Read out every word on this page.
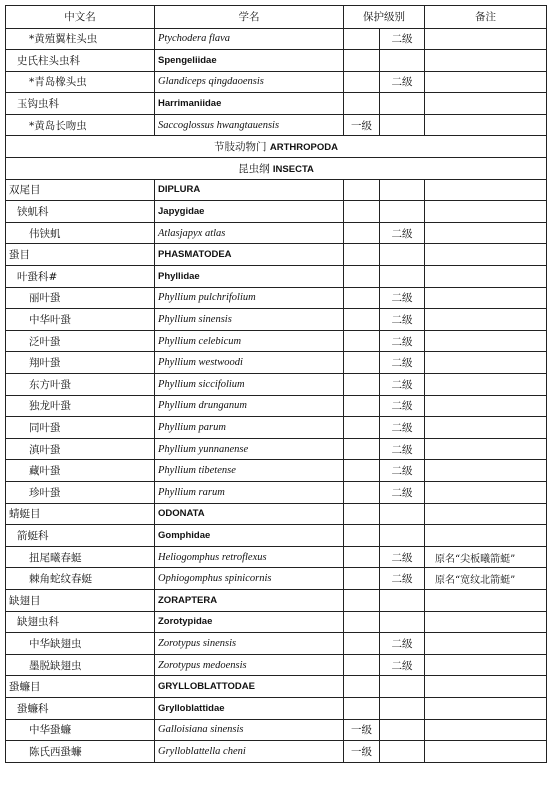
中文名	学名	保护级别		备注
*黄殖翼柱头虫	Ptychodera flava		二级	
史氏柱头虫科	Spengeliidae			
*青岛橡头虫	Glandiceps qingdaoensis		二级	
玉钩虫科	Harrimaniidae			
*黄岛长吻虫	Saccoglossus hwangtauensis	一级		
节肢动物门 ARTHROPODA				
昆虫纲 INSECTA				
双尾目	DIPLURA			
铗虮科	Japygidae			
伟铗虮	Atlasjapyx atlas		二级	
蛩目	PHASMATODEA			
叶蛩科#	Phyllidae			
丽叶蛩	Phyllium pulchrifolium		二级	
中华叶蛩	Phyllium sinensis		二级	
泛叶蛩	Phyllium celebicum		二级	
翔叶蛩	Phyllium westwoodi		二级	
东方叶蛩	Phyllium siccifolium		二级	
独龙叶蛩	Phyllium drunganum		二级	
同叶蛩	Phyllium parum		二级	
滇叶蛩	Phyllium yunnanense		二级	
藏叶蛩	Phyllium tibetense		二级	
珍叶蛩	Phyllium rarum		二级	
蜻蜓目	ODONATA			
箭蜓科	Gomphidae			
扭尾曦春蜓	Heliogomphus retroflexus		二级	原名“尖板曦箭蜓”
棘角蛇纹春蜓	Ophiogomphus spinicornis		二级	原名“宽纹北箭蜓”
缺翅目	ZORAPTERA			
缺翅虫科	Zorotypidae			
中华缺翅虫	Zorotypus sinensis		二级	
墨脱缺翅虫	Zorotypus medoensis		二级	
蛩蠊目	GRYLLOBLATTODAE			
蛩蠊科	Grylloblattidae			
中华蛩蠊	Galloisiana sinensis	一级		
陈氏西蛩蠊	Grylloblattella cheni	一级		
